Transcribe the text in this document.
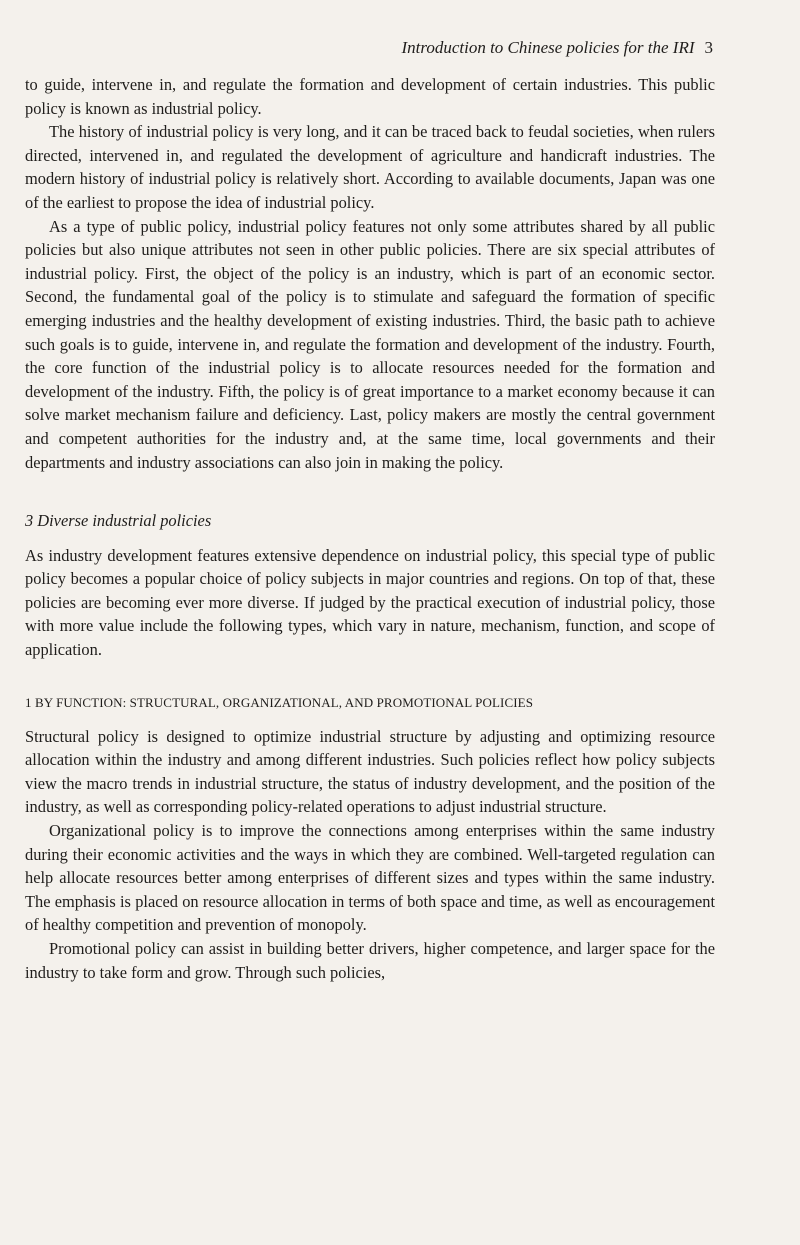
Introduction to Chinese policies for the IRI 3

to guide, intervene in, and regulate the formation and development of certain industries. This public policy is known as industrial policy.

The history of industrial policy is very long, and it can be traced back to feudal societies, when rulers directed, intervened in, and regulated the development of agriculture and handicraft industries. The modern history of industrial policy is relatively short. According to available documents, Japan was one of the earliest to propose the idea of industrial policy.

As a type of public policy, industrial policy features not only some attributes shared by all public policies but also unique attributes not seen in other public policies. There are six special attributes of industrial policy. First, the object of the policy is an industry, which is part of an economic sector. Second, the fundamental goal of the policy is to stimulate and safeguard the formation of specific emerging industries and the healthy development of existing industries. Third, the basic path to achieve such goals is to guide, intervene in, and regulate the formation and development of the industry. Fourth, the core function of the industrial policy is to allocate resources needed for the formation and development of the industry. Fifth, the policy is of great importance to a market economy because it can solve market mechanism failure and deficiency. Last, policy makers are mostly the central government and competent authorities for the industry and, at the same time, local governments and their departments and industry associations can also join in making the policy.

3 Diverse industrial policies

As industry development features extensive dependence on industrial policy, this special type of public policy becomes a popular choice of policy subjects in major countries and regions. On top of that, these policies are becoming ever more diverse. If judged by the practical execution of industrial policy, those with more value include the following types, which vary in nature, mechanism, function, and scope of application.

1 BY FUNCTION: STRUCTURAL, ORGANIZATIONAL, AND PROMOTIONAL POLICIES

Structural policy is designed to optimize industrial structure by adjusting and optimizing resource allocation within the industry and among different industries. Such policies reflect how policy subjects view the macro trends in industrial structure, the status of industry development, and the position of the industry, as well as corresponding policy-related operations to adjust industrial structure.

Organizational policy is to improve the connections among enterprises within the same industry during their economic activities and the ways in which they are combined. Well-targeted regulation can help allocate resources better among enterprises of different sizes and types within the same industry. The emphasis is placed on resource allocation in terms of both space and time, as well as encouragement of healthy competition and prevention of monopoly.

Promotional policy can assist in building better drivers, higher competence, and larger space for the industry to take form and grow. Through such policies,
